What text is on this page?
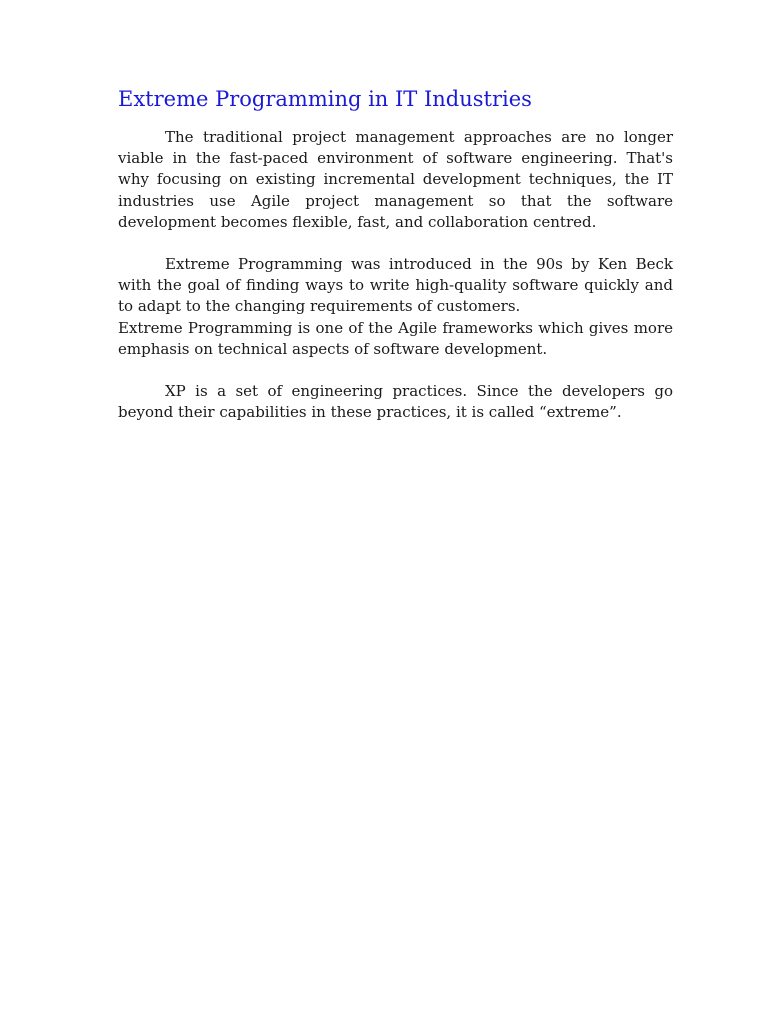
Extreme Programming in IT Industries

The traditional project management approaches are no longer viable in the fast-paced environment of software engineering. That's why focusing on existing incremental development techniques, the IT industries use Agile project management so that the software development becomes flexible, fast, and collaboration centred.

Extreme Programming was introduced in the 90s by Ken Beck with the goal of finding ways to write high-quality software quickly and to adapt to the changing requirements of customers.

Extreme Programming is one of the Agile frameworks which gives more emphasis on technical aspects of software development.

XP is a set of engineering practices. Since the developers go beyond their capabilities in these practices, it is called “extreme”.
